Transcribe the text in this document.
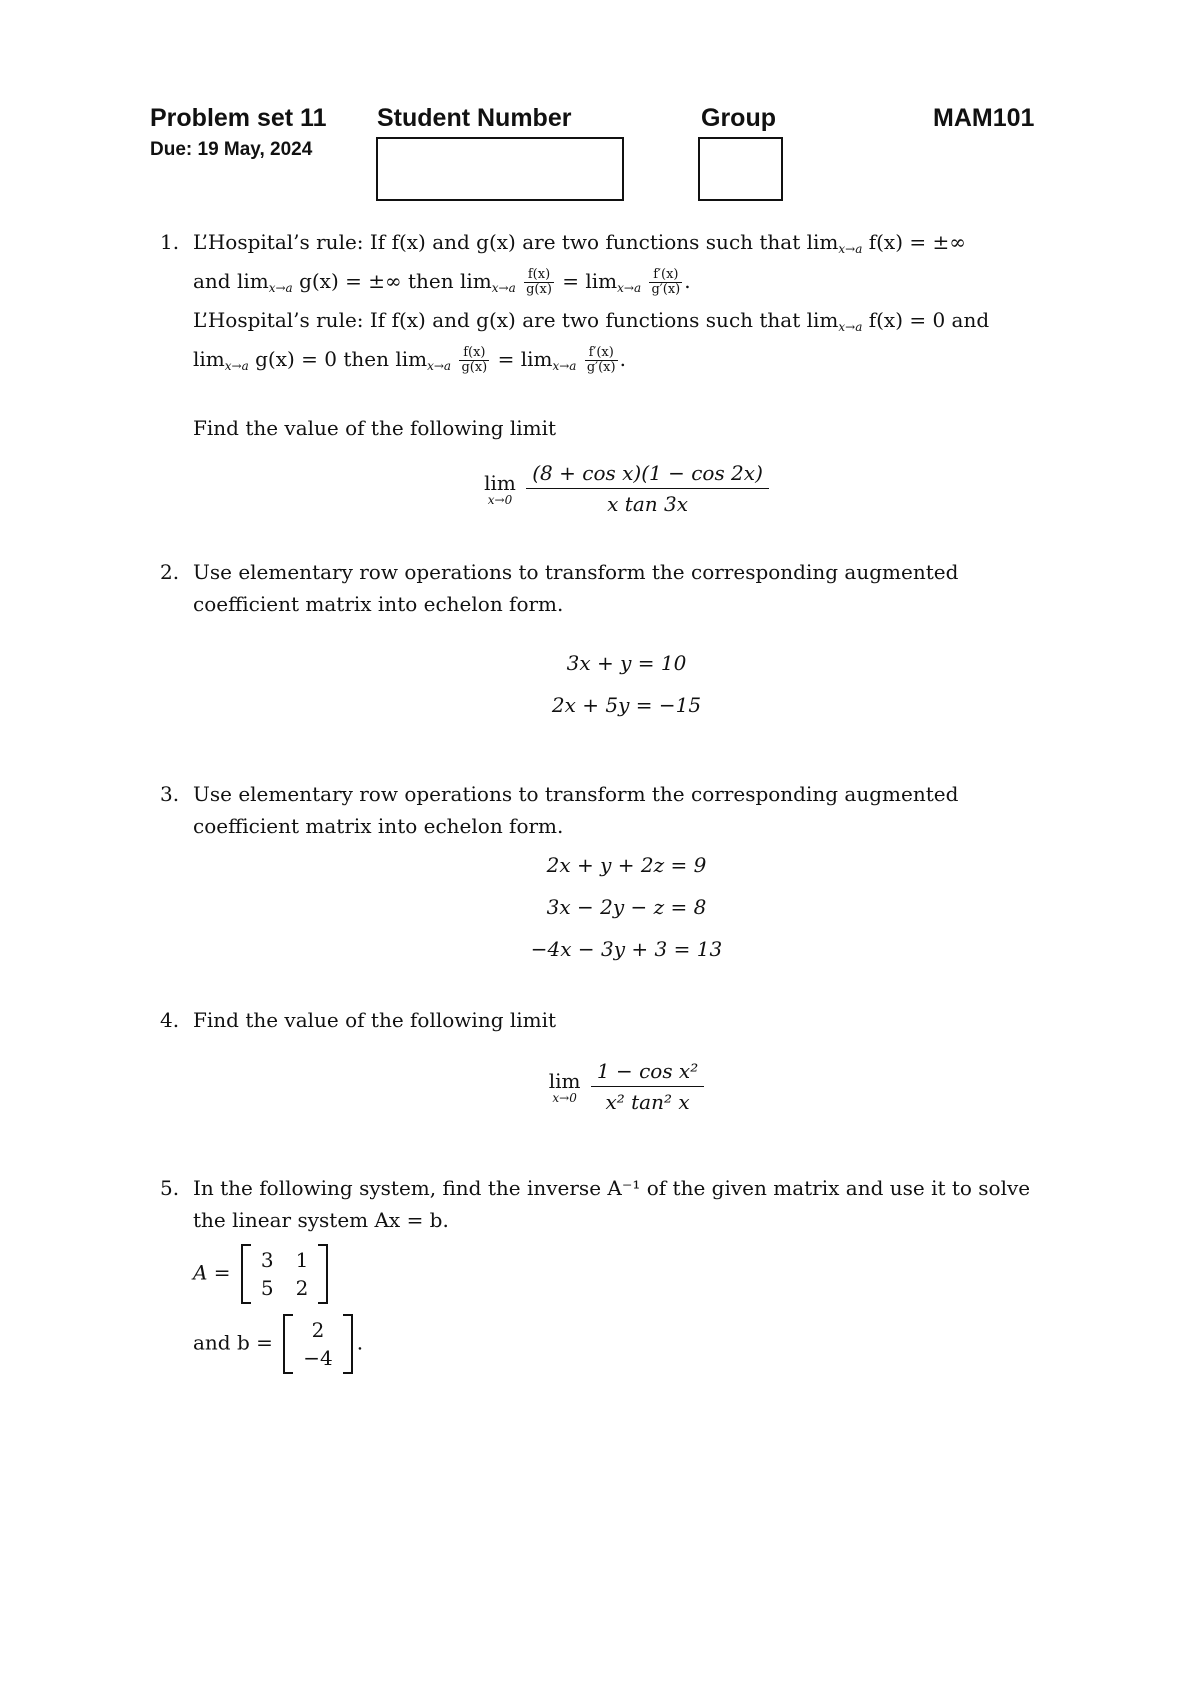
Problem set 11
Due: 19 May, 2024
Student Number	Group	MAM101
1. L’Hospital’s rule: If f(x) and g(x) are two functions such that $\lim_{x\to a} f(x)$ = ±∞
and $\lim_{x\to a} g(x)$ = ±∞ then $\lim_{x\to a} \frac{f(x)}{g(x)} = \lim_{x\to a} \frac{f'(x)}{g'(x)}$ .
L’Hospital’s rule: If f(x) and g(x) are two functions such that $\lim_{x\to a} f(x) = 0$ and
$\lim_{x\to a} g(x) = 0$ then $\lim_{x\to a} \frac{f(x)}{g(x)} = \lim_{x\to a} \frac{f'(x)}{g'(x)}$ .
Find the value of the following limit
lim
x→0
$\frac{\text{(8 + cos x)(1 − cos 2x)}}{\text{x tan 3x}}$
2. Use elementary row operations to transform the corresponding augmented coefficient matrix into echelon form.
3x + y = 10
2x + 5y = −15
3. Use elementary row operations to transform the corresponding augmented coefficient matrix into echelon form.
2x + y + 2z = 9
3x − 2y − z = 8
−4x − 3y + 3 = 13
4. Find the value of the following limit
lim
x→0
$\frac{\text{1 − cos x²}}{\text{x² tan² x}}$
5. In the following system, find the inverse A⁻¹ of the given matrix and use it to solve the linear system Ax = b.
A =
3 1
5 2
and b =
2
−4
.
